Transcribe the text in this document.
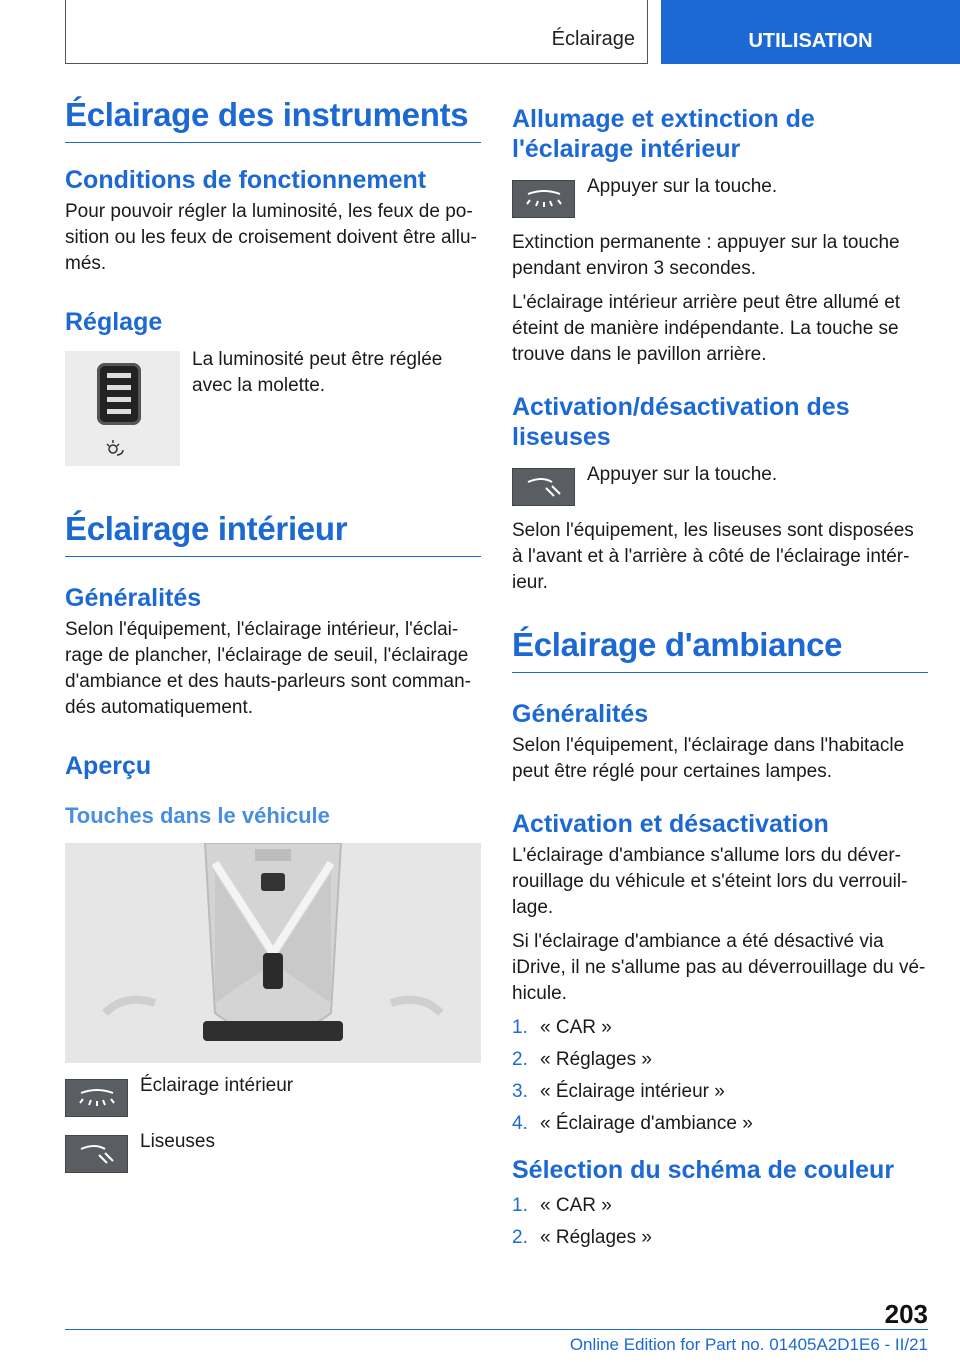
Éclairage	UTILISATION
Éclairage des instruments
Conditions de fonctionnement

Pour pouvoir régler la luminosité, les feux de po-sition ou les feux de croisement doivent être allu-més.

Réglage
La luminosité peut être réglée avec la molette.
Éclairage intérieur
Généralités

Selon l'équipement, l'éclairage intérieur, l'éclai-rage de plancher, l'éclairage de seuil, l'éclairage d'ambiance et des hauts-parleurs sont comman-dés automatiquement.

Aperçu
Touches dans le véhicule
Éclairage intérieur
Liseuses
Allumage et extinction de l'éclairage intérieur
Appuyer sur la touche.

Extinction permanente : appuyer sur la touche pendant environ 3 secondes.

L'éclairage intérieur arrière peut être allumé et éteint de manière indépendante. La touche se trouve dans le pavillon arrière.

Activation/désactivation des liseuses
Appuyer sur la touche.

Selon l'équipement, les liseuses sont disposées à l'avant et à l'arrière à côté de l'éclairage intér-ieur.

Éclairage d'ambiance
Généralités

Selon l'équipement, l'éclairage dans l'habitacle peut être réglé pour certaines lampes.

Activation et désactivation

L'éclairage d'ambiance s'allume lors du déver-rouillage du véhicule et s'éteint lors du verrouil-lage.

Si l'éclairage d'ambiance a été désactivé via iDrive, il ne s'allume pas au déverrouillage du vé-hicule.

1. « CAR »
2. « Réglages »
3. « Éclairage intérieur »
4. « Éclairage d'ambiance »
Sélection du schéma de couleur
1. « CAR »
2. « Réglages »
203
Online Edition for Part no. 01405A2D1E6 - II/21
